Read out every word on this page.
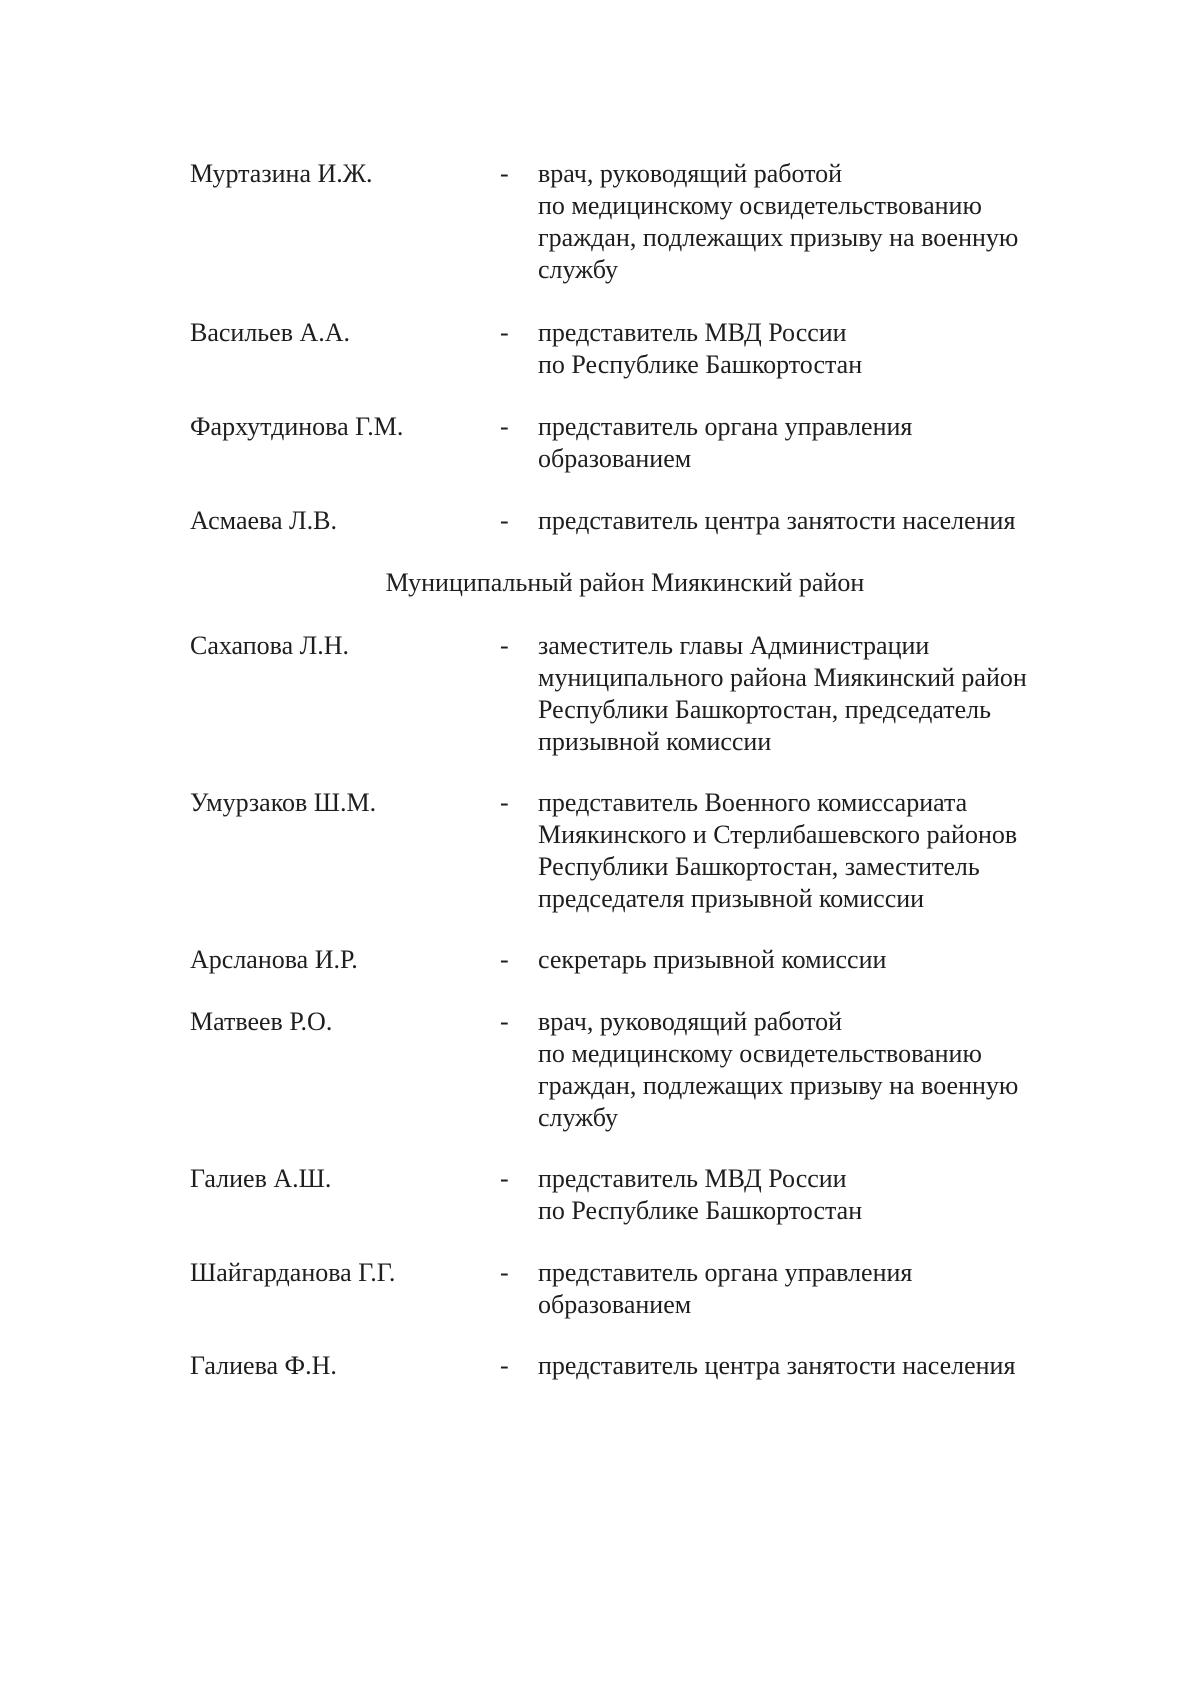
Муртазина И.Ж.	- врач, руководящий работой
по медицинскому освидетельствованию
граждан, подлежащих призыву на военную
службу
Васильев А.А.	- представитель МВД России
по Республике Башкортостан
Фархутдинова Г.М.	- представитель органа управления
образованием
Асмаева Л.В.	- представитель центра занятости населения
Муниципальный район Миякинский район
Сахапова Л.Н.	- заместитель главы Администрации
муниципального района Миякинский район
Республики Башкортостан, председатель
призывной комиссии
Умурзаков Ш.М.	- представитель Военного комиссариата
Миякинского и Стерлибашевского районов
Республики Башкортостан, заместитель
председателя призывной комиссии
Арсланова И.Р.	- секретарь призывной комиссии
Матвеев Р.О.	- врач, руководящий работой
по медицинскому освидетельствованию
граждан, подлежащих призыву на военную
службу
Галиев А.Ш.	- представитель МВД России
по Республике Башкортостан
Шайгарданова Г.Г.	- представитель органа управления
образованием
Галиева Ф.Н.	- представитель центра занятости населения
